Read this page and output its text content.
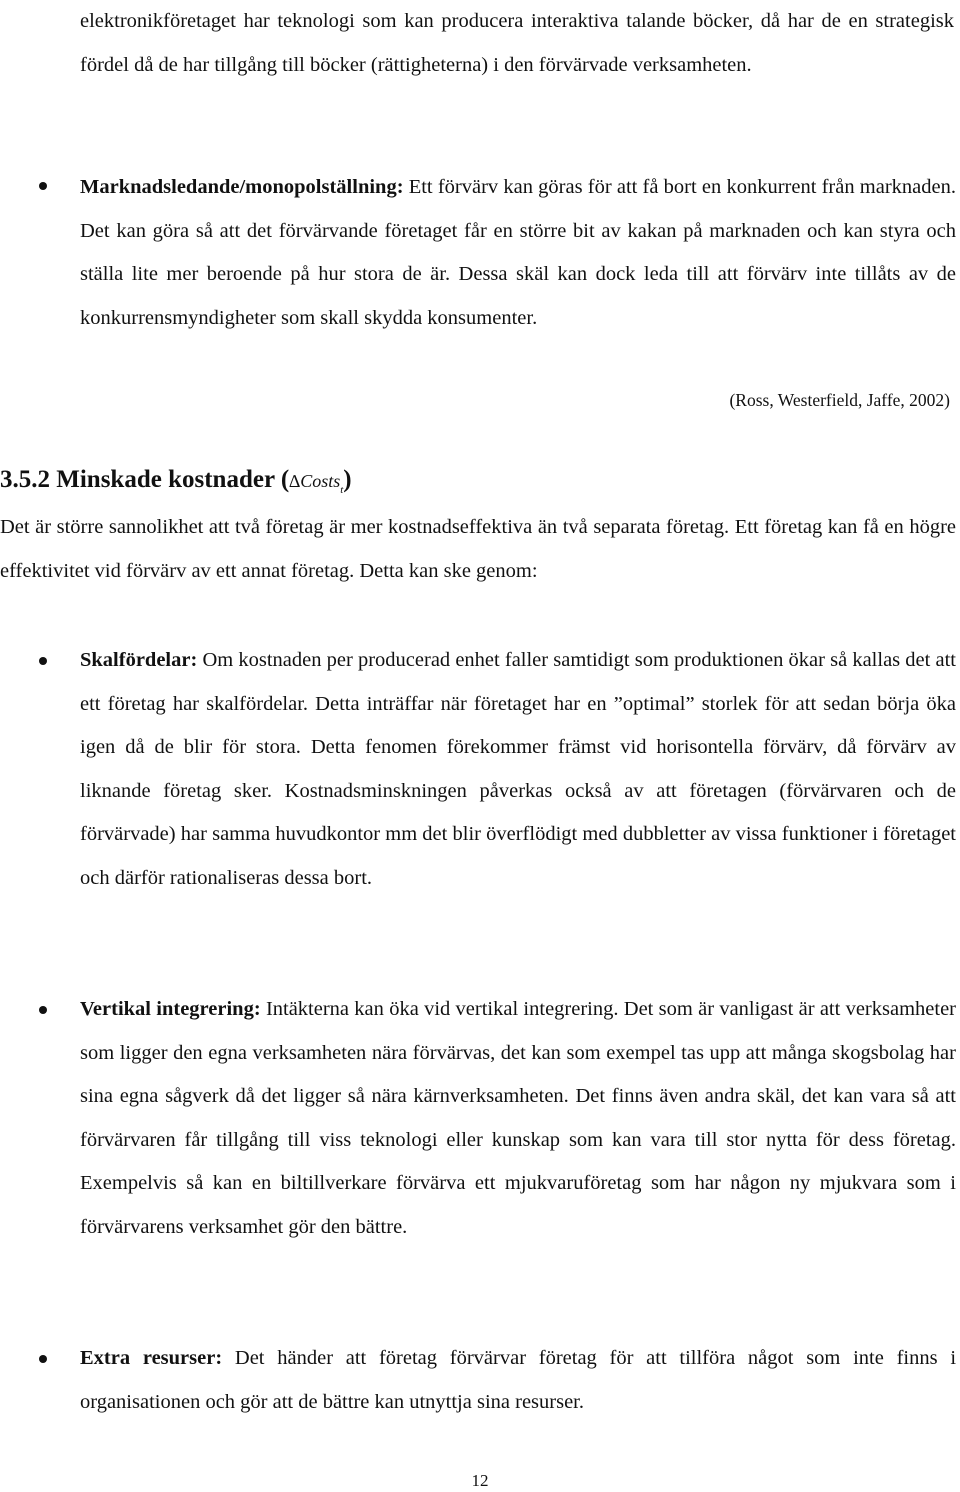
elektronikföretaget har teknologi som kan producera interaktiva talande böcker, då har de en strategisk fördel då de har tillgång till böcker (rättigheterna) i den förvärvade verksamheten.

Marknadsledande/monopolställning: Ett förvärv kan göras för att få bort en konkurrent från marknaden. Det kan göra så att det förvärvande företaget får en större bit av kakan på marknaden och kan styra och ställa lite mer beroende på hur stora de är. Dessa skäl kan dock leda till att förvärv inte tillåts av de konkurrensmyndigheter som skall skydda konsumenter.
(Ross, Westerfield, Jaffe, 2002)
3.5.2 Minskade kostnader (∆Costs$_t$)
Det är större sannolikhet att två företag är mer kostnadseffektiva än två separata företag. Ett företag kan få en högre effektivitet vid förvärv av ett annat företag. Detta kan ske genom:
Skalfördelar: Om kostnaden per producerad enhet faller samtidigt som produktionen ökar så kallas det att ett företag har skalfördelar. Detta inträffar när företaget har en ”optimal” storlek för att sedan börja öka igen då de blir för stora. Detta fenomen förekommer främst vid horisontella förvärv, då förvärv av liknande företag sker. Kostnadsminskningen påverkas också av att företagen (förvärvaren och de förvärvade) har samma huvudkontor mm det blir överflödigt med dubbletter av vissa funktioner i företaget och därför rationaliseras dessa bort.
Vertikal integrering: Intäkterna kan öka vid vertikal integrering. Det som är vanligast är att verksamheter som ligger den egna verksamheten nära förvärvas, det kan som exempel tas upp att många skogsbolag har sina egna sågverk då det ligger så nära kärnverksamheten. Det finns även andra skäl, det kan vara så att förvärvaren får tillgång till viss teknologi eller kunskap som kan vara till stor nytta för dess företag. Exempelvis så kan en biltillverkare förvärva ett mjukvaruföretag som har någon ny mjukvara som i förvärvarens verksamhet gör den bättre.
Extra resurser: Det händer att företag förvärvar företag för att tillföra något som inte finns i organisationen och gör att de bättre kan utnyttja sina resurser.
12
